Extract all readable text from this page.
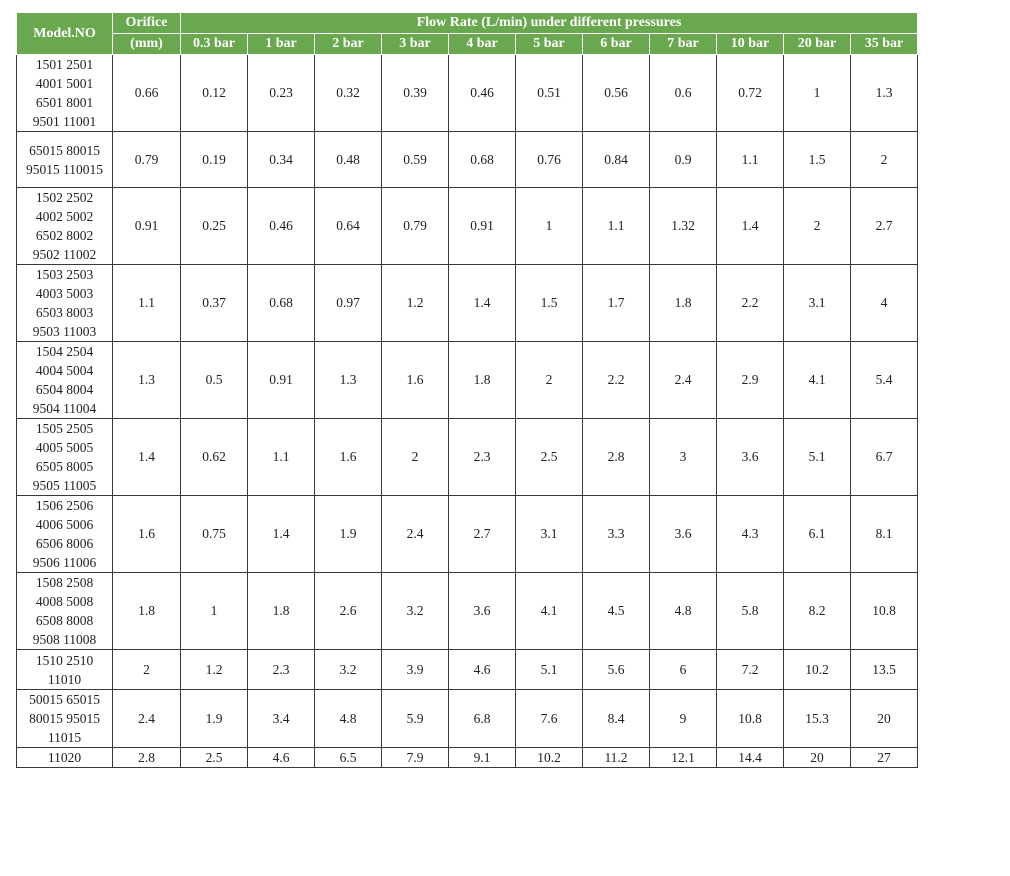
Model.NO	Orifice	Flow Rate (L/min) under different pressures										
	(mm)	0.3 bar	1 bar	2 bar	3 bar	4 bar	5 bar	6 bar	7 bar	10 bar	20 bar	35 bar

1501 2501
4001 5001
6501 8001
9501 11001	0.66	0.12	0.23	0.32	0.39	0.46	0.51	0.56	0.6	0.72	1	1.3

65015 80015
95015 110015	0.79	0.19	0.34	0.48	0.59	0.68	0.76	0.84	0.9	1.1	1.5	2

1502 2502
4002 5002
6502 8002
9502 11002	0.91	0.25	0.46	0.64	0.79	0.91	1	1.1	1.32	1.4	2	2.7

1503 2503
4003 5003
6503 8003
9503 11003	1.1	0.37	0.68	0.97	1.2	1.4	1.5	1.7	1.8	2.2	3.1	4

1504 2504
4004 5004
6504 8004
9504 11004	1.3	0.5	0.91	1.3	1.6	1.8	2	2.2	2.4	2.9	4.1	5.4

1505 2505
4005 5005
6505 8005
9505 11005	1.4	0.62	1.1	1.6	2	2.3	2.5	2.8	3	3.6	5.1	6.7

1506 2506
4006 5006
6506 8006
9506 11006	1.6	0.75	1.4	1.9	2.4	2.7	3.1	3.3	3.6	4.3	6.1	8.1

1508 2508
4008 5008
6508 8008
9508 11008	1.8	1	1.8	2.6	3.2	3.6	4.1	4.5	4.8	5.8	8.2	10.8

1510 2510
11010	2	1.2	2.3	3.2	3.9	4.6	5.1	5.6	6	7.2	10.2	13.5

50015 65015
80015 95015
11015	2.4	1.9	3.4	4.8	5.9	6.8	7.6	8.4	9	10.8	15.3	20

11020	2.8	2.5	4.6	6.5	7.9	9.1	10.2	11.2	12.1	14.4	20	27
